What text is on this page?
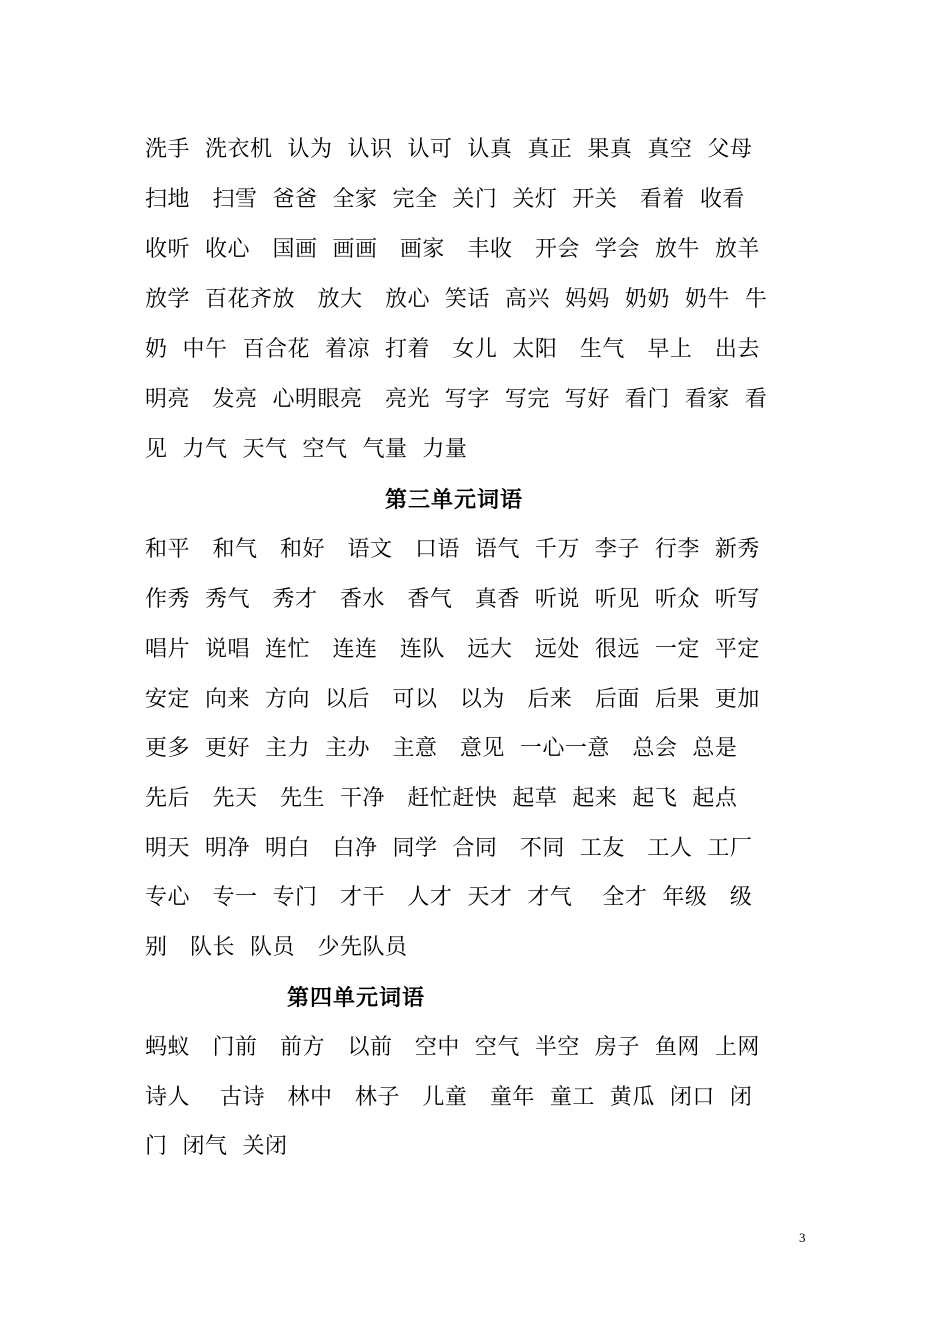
洗手  洗衣机  认为  认识  认可  认真  真正  果真  真空  父母
扫地   扫雪  爸爸  全家  完全  关门  关灯  开关   看着  收看
收听  收心   国画  画画   画家   丰收   开会  学会  放牛  放羊
放学  百花齐放   放大   放心  笑话  高兴  妈妈  奶奶  奶牛  牛
奶  中午  百合花  着凉  打着   女儿  太阳   生气   早上   出去
明亮   发亮  心明眼亮   亮光  写字  写完  写好  看门  看家  看
见  力气  天气  空气  气量  力量
第三单元词语
和平   和气   和好   语文   口语  语气  千万  李子  行李  新秀
作秀  秀气   秀才   香水   香气   真香  听说  听见  听众  听写
唱片  说唱  连忙   连连   连队   远大   远处  很远  一定  平定
安定  向来  方向  以后   可以   以为   后来   后面  后果  更加
更多  更好  主力  主办   主意   意见  一心一意   总会  总是
先后   先天   先生  干净   赶忙赶快  起草  起来  起飞  起点
明天  明净  明白   白净  同学  合同   不同  工友   工人  工厂
专心   专一  专门   才干   人才  天才  才气    全才  年级   级
别   队长  队员   少先队员
第四单元词语
蚂蚁   门前   前方   以前   空中  空气  半空  房子  鱼网  上网
诗人    古诗   林中   林子   儿童   童年  童工  黄瓜  闭口  闭
门  闭气  关闭
3
